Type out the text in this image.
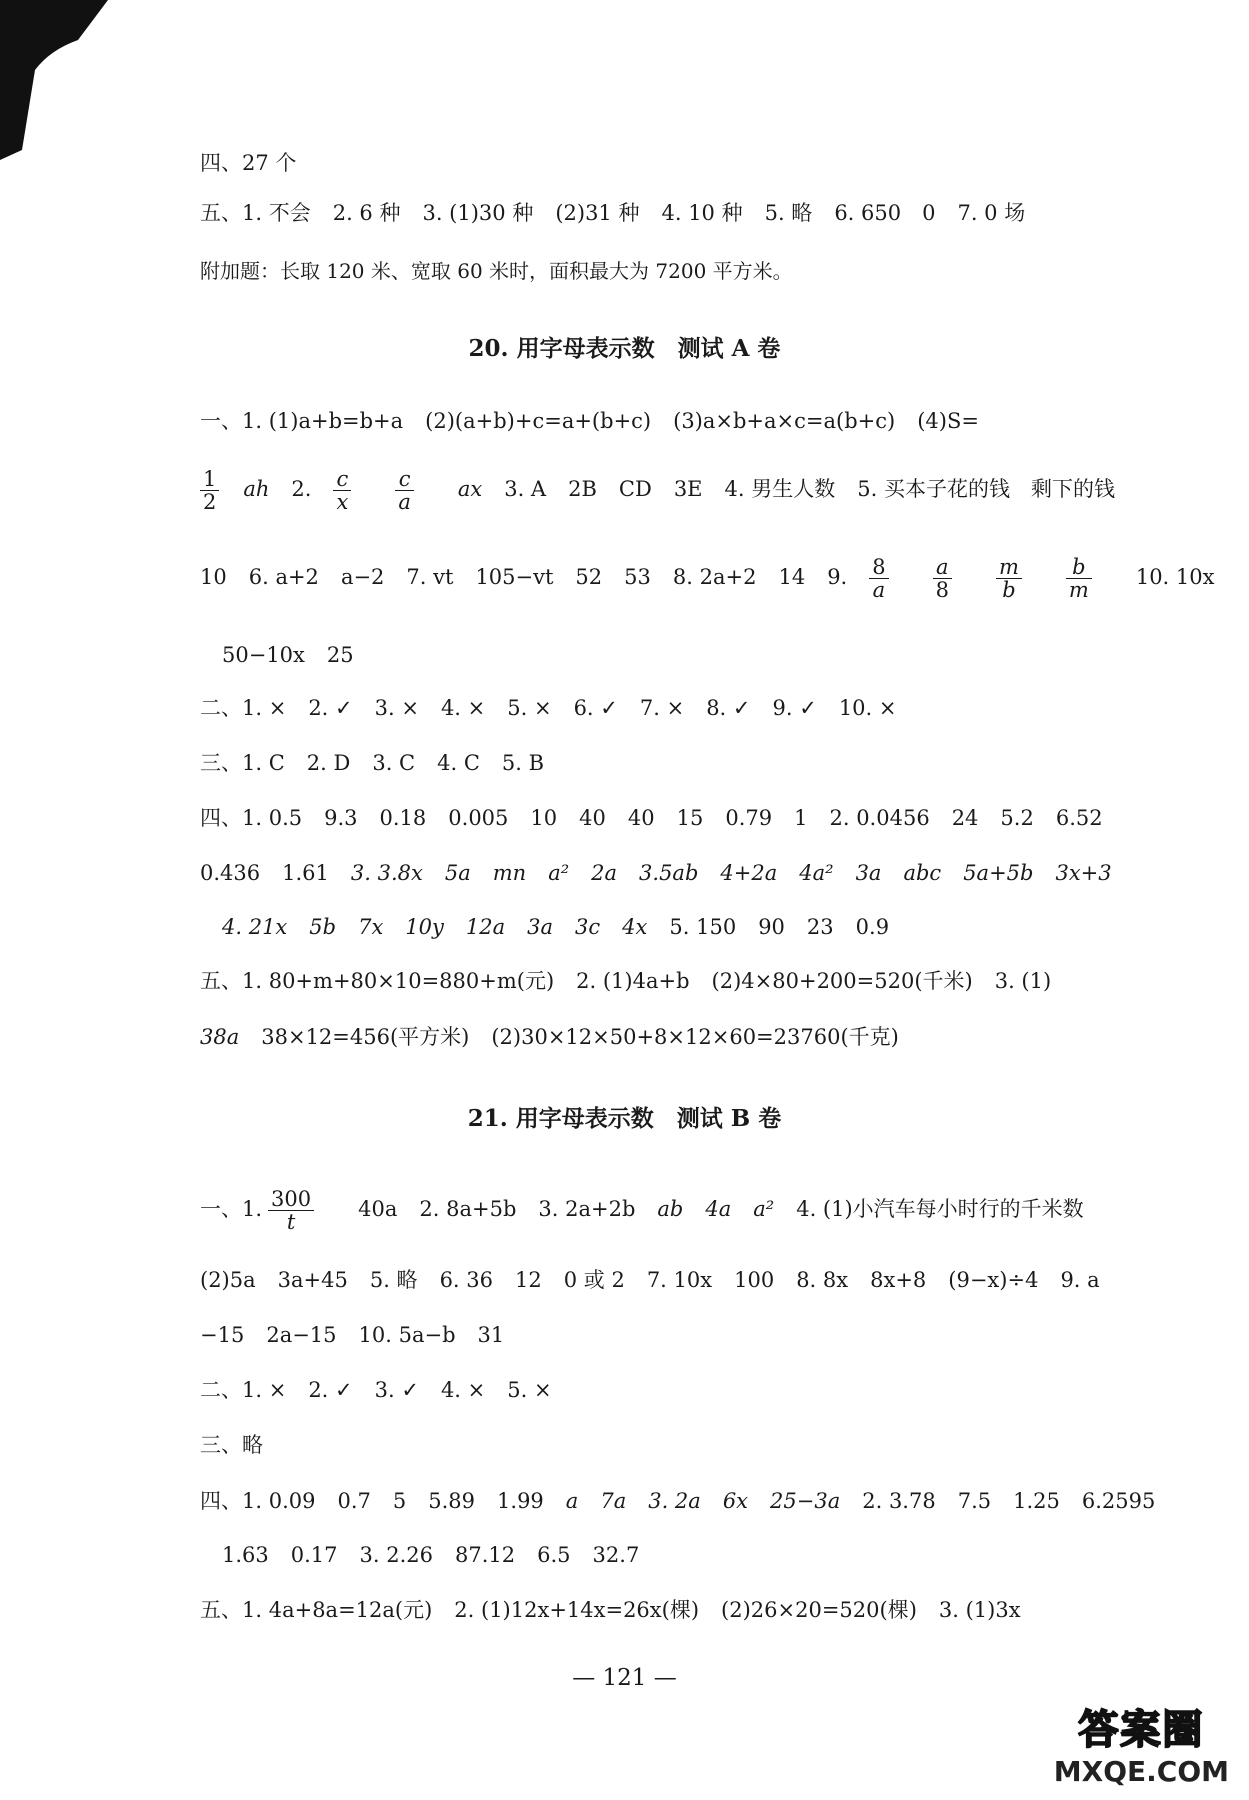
四、27 个
五、1. 不会 2. 6 种 3. (1)30 种 (2)31 种 4. 10 种 5. 略 6. 650　0 7. 0 场
附加题：长取 120 米、宽取 60 米时，面积最大为 7200 平方米。
20. 用字母表示数　测试 A 卷
一、1. (1)a+b=b+a (2)(a+b)+c=a+(b+c) (3)a×b+a×c=a(b+c) (4)S=
$\frac{1}{2}$ ah 2. $\frac{c}{x} \frac{c}{a}$ ax 3. A 2B CD 3E 4. 男生人数 5. 买本子花的钱　剩下的钱
10 6. a+2 a−2 7. vt 105−vt 52 53 8. 2a+2 14 9. $\frac{8}{a} \frac{a}{8} \frac{m}{b} \frac{b}{m} 10$. 10x
50−10x 25
二、1. × 2. ✓ 3. × 4. × 5. × 6. ✓ 7. × 8. ✓ 9. ✓ 10. ×
三、1. C 2. D 3. C 4. C 5. B
四、1. 0.5 9.3 0.18 0.005 10 40 40 15 0.79 1 2. 0.0456 24 5.2 6.52
0.436 1.61 3. 3.8x 5a mn a² 2a 3.5ab 4+2a 4a² 3a abc 5a+5b 3x+3
4. 21x 5b 7x 10y 12a 3a 3c 4x 5. 150 90 23 0.9
五、1. 80+m+80×10=880+m(元) 2. (1)4a+b (2)4×80+200=520(千米) 3. (1)
38a 38×12=456(平方米) (2)30×12×50+8×12×60=23760(千克)
21. 用字母表示数　测试 B 卷
一、1. $\frac{300}{t} 40a$ 2. 8a+5b 3. 2a+2b ab 4a a² 4. (1)小汽车每小时行的千米数
(2)5a 3a+45 5. 略 6. 36 12 0 或 2 7. 10x 100 8. 8x 8x+8 (9−x)÷4 9. a
−15 2a−15 10. 5a−b 31
二、1. × 2. ✓ 3. ✓ 4. × 5. ×
三、略
四、1. 0.09 0.7 5 5.89 1.99 a 7a 3. 2a 6x 25−3a 2. 3.78 7.5 1.25 6.2595
1.63 0.17 3. 2.26 87.12 6.5 32.7
五、1. 4a+8a=12a(元) 2. (1)12x+14x=26x(棵) (2)26×20=520(棵) 3. (1)3x
— 121 —
答案圈
MXQE.COM
